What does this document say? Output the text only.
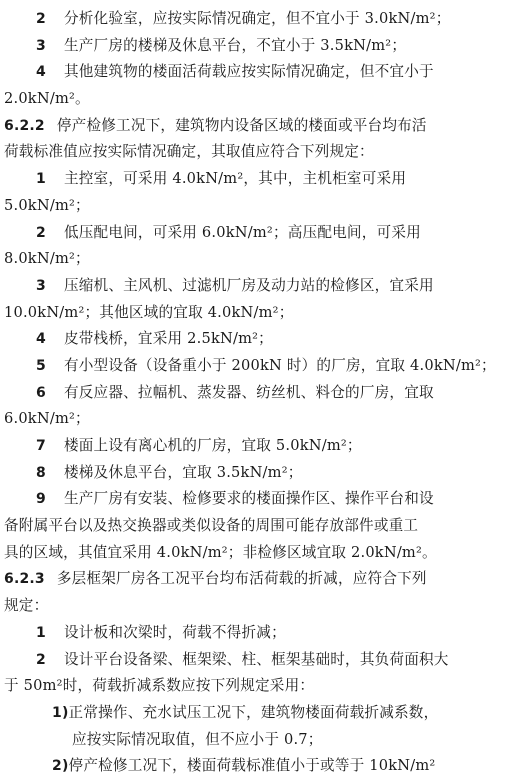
2 分析化验室，应按实际情况确定，但不宜小于 3.0kN/m²；
3 生产厂房的楼梯及休息平台，不宜小于 3.5kN/m²；
4 其他建筑物的楼面活荷载应按实际情况确定，但不宜小于
2.0kN/m²。
6.2.2 停产检修工况下，建筑物内设备区域的楼面或平台均布活
荷载标准值应按实际情况确定，其取值应符合下列规定：
1 主控室，可采用 4.0kN/m²，其中，主机柜室可采用
5.0kN/m²；
2 低压配电间，可采用 6.0kN/m²；高压配电间，可采用
8.0kN/m²；
3 压缩机、主风机、过滤机厂房及动力站的检修区，宜采用
10.0kN/m²；其他区域的宜取 4.0kN/m²；
4 皮带栈桥，宜采用 2.5kN/m²；
5 有小型设备（设备重小于 200kN 时）的厂房，宜取 4.0kN/m²；
6 有反应器、拉幅机、蒸发器、纺丝机、料仓的厂房，宜取
6.0kN/m²；
7 楼面上设有离心机的厂房，宜取 5.0kN/m²；
8 楼梯及休息平台，宜取 3.5kN/m²；
9 生产厂房有安装、检修要求的楼面操作区、操作平台和设
备附属平台以及热交换器或类似设备的周围可能存放部件或重工
具的区域，其值宜采用 4.0kN/m²；非检修区域宜取 2.0kN/m²。
6.2.3 多层框架厂房各工况平台均布活荷载的折减，应符合下列
规定：
1 设计板和次梁时，荷载不得折减；
2 设计平台设备梁、框架梁、柱、框架基础时，其负荷面积大
于 50m²时，荷载折减系数应按下列规定采用：
1)正常操作、充水试压工况下，建筑物楼面荷载折减系数，
应按实际情况取值，但不应小于 0.7；
2)停产检修工况下，楼面荷载标准值小于或等于 10kN/m²
